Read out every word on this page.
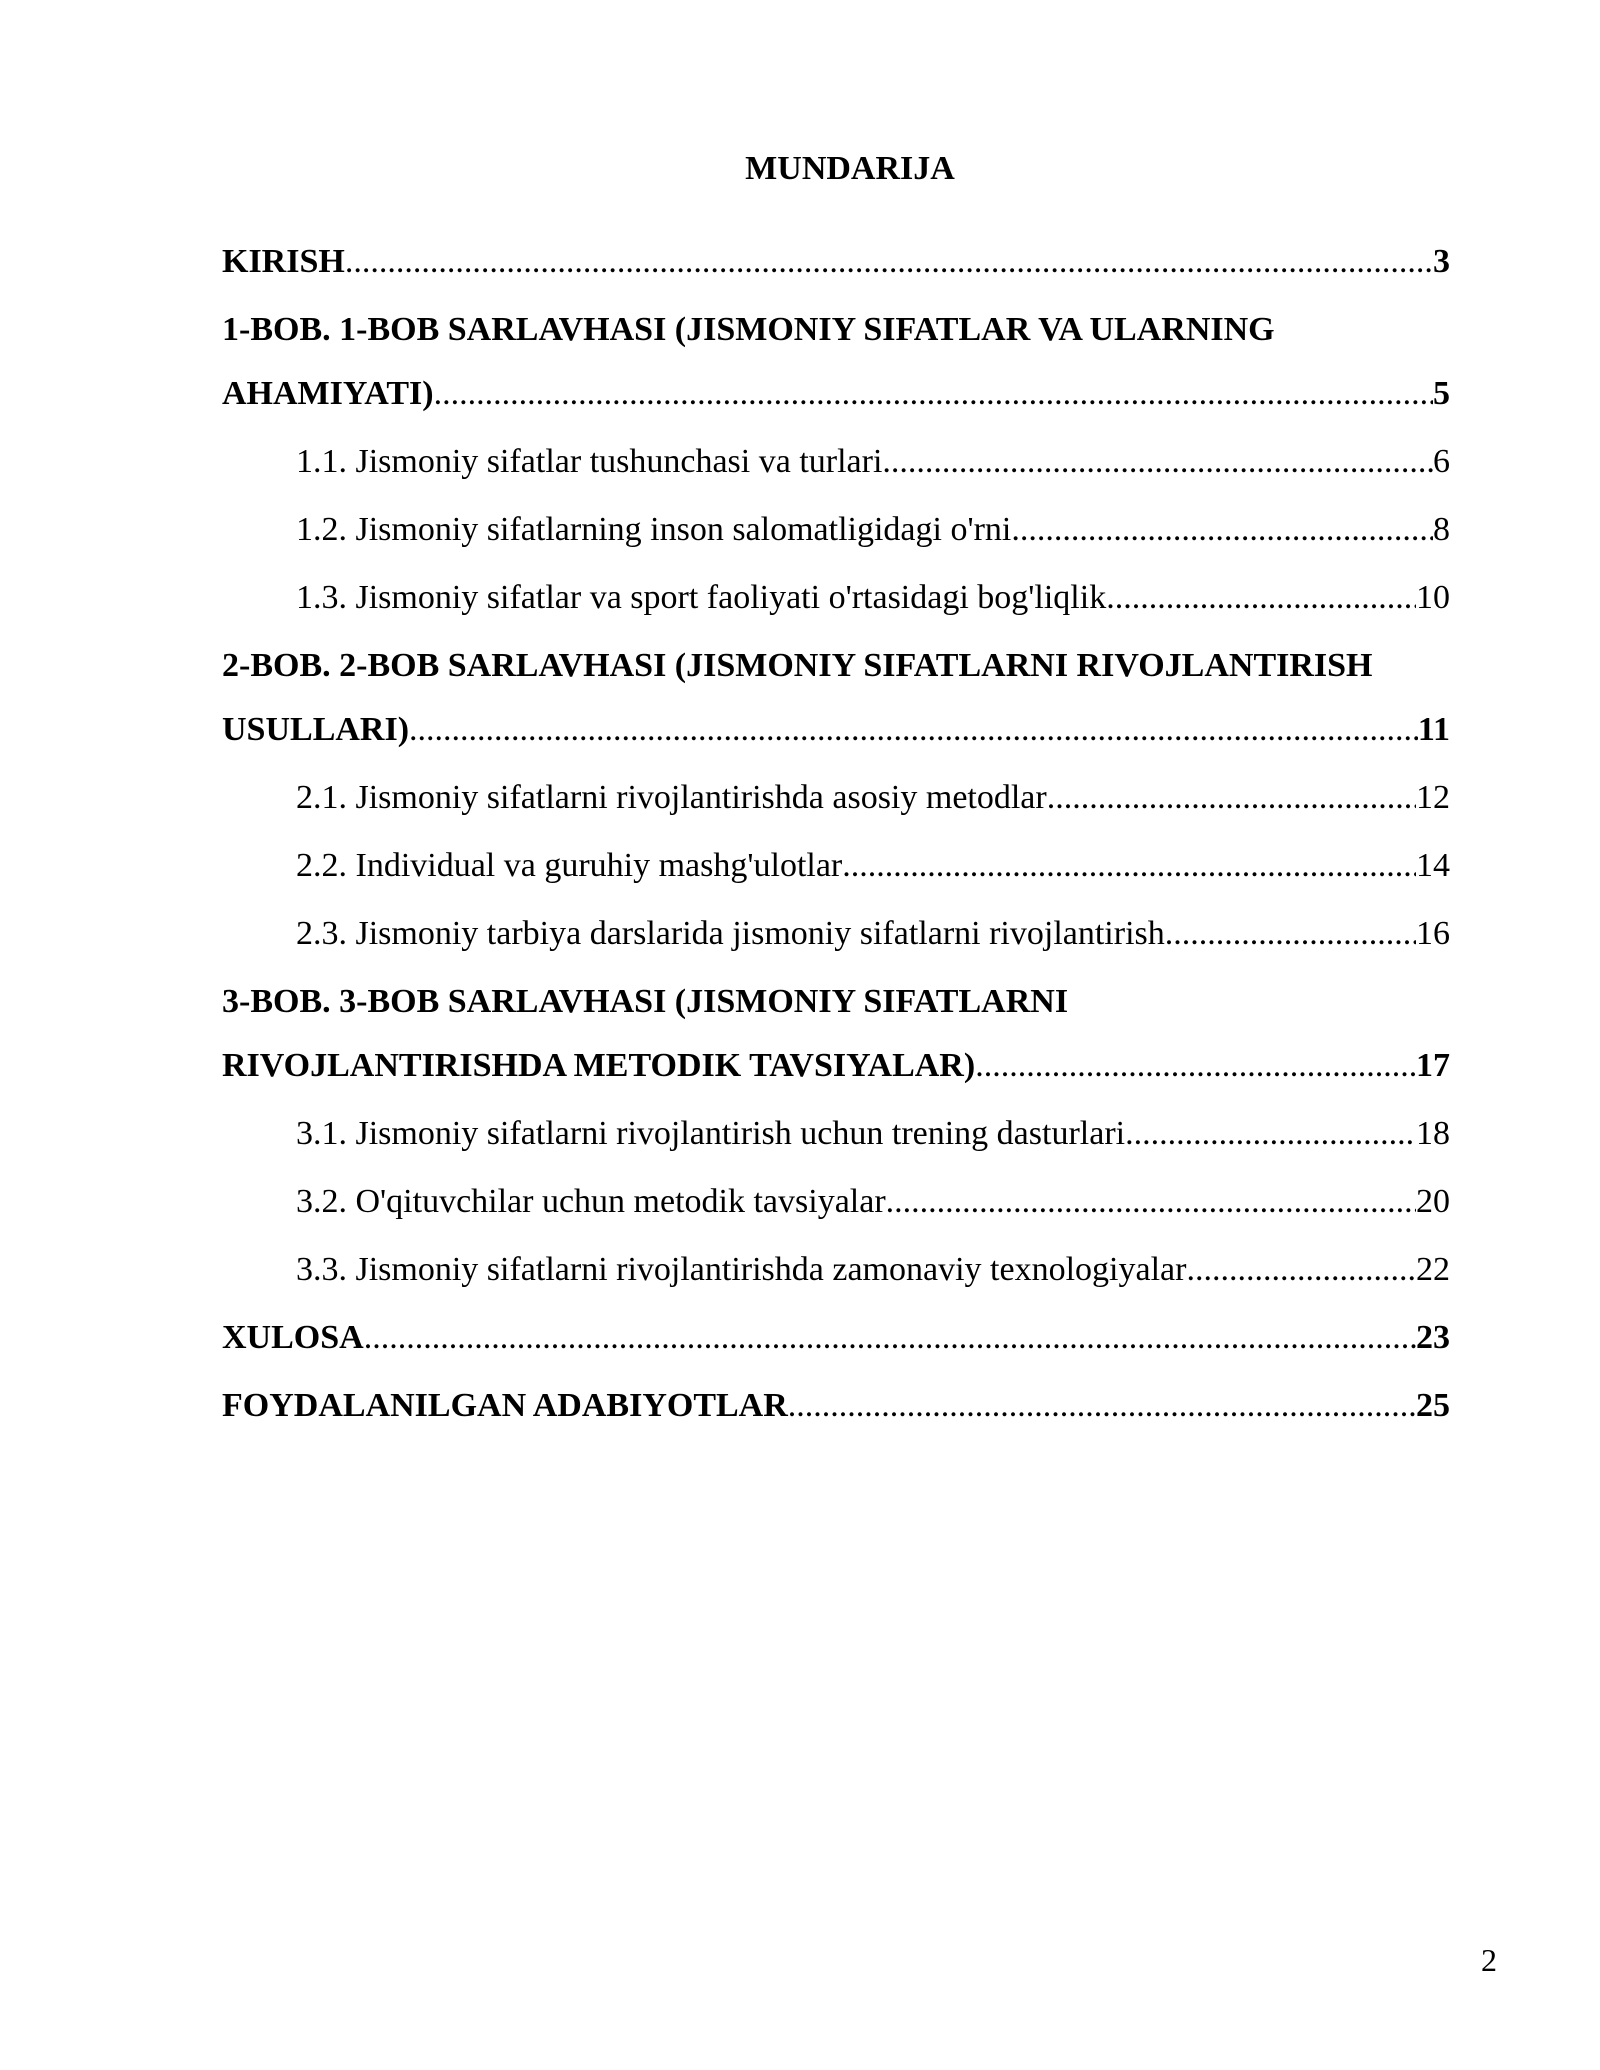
MUNDARIJA
KIRISH .....	3
1-BOB. 1-BOB SARLAVHASI (JISMONIY SIFATLAR VA ULARNING
AHAMIYATI) .....	5
1.1. Jismoniy sifatlar tushunchasi va turlari .....	6
1.2. Jismoniy sifatlarning inson salomatligidagi o'rni .....	8
1.3. Jismoniy sifatlar va sport faoliyati o'rtasidagi bog'liqlik .....	10
2-BOB. 2-BOB SARLAVHASI (JISMONIY SIFATLARNI RIVOJLANTIRISH
USULLARI) .....	11
2.1. Jismoniy sifatlarni rivojlantirishda asosiy metodlar .....	12
2.2. Individual va guruhiy mashg'ulotlar .....	14
2.3. Jismoniy tarbiya darslarida jismoniy sifatlarni rivojlantirish .....	16
3-BOB. 3-BOB SARLAVHASI (JISMONIY SIFATLARNI
RIVOJLANTIRISHDA METODIK TAVSIYALAR) .....	17
3.1. Jismoniy sifatlarni rivojlantirish uchun trening dasturlari .....	18
3.2. O'qituvchilar uchun metodik tavsiyalar .....	20
3.3. Jismoniy sifatlarni rivojlantirishda zamonaviy texnologiyalar .....	22
XULOSA .....	23
FOYDALANILGAN ADABIYOTLAR .....	25
2
